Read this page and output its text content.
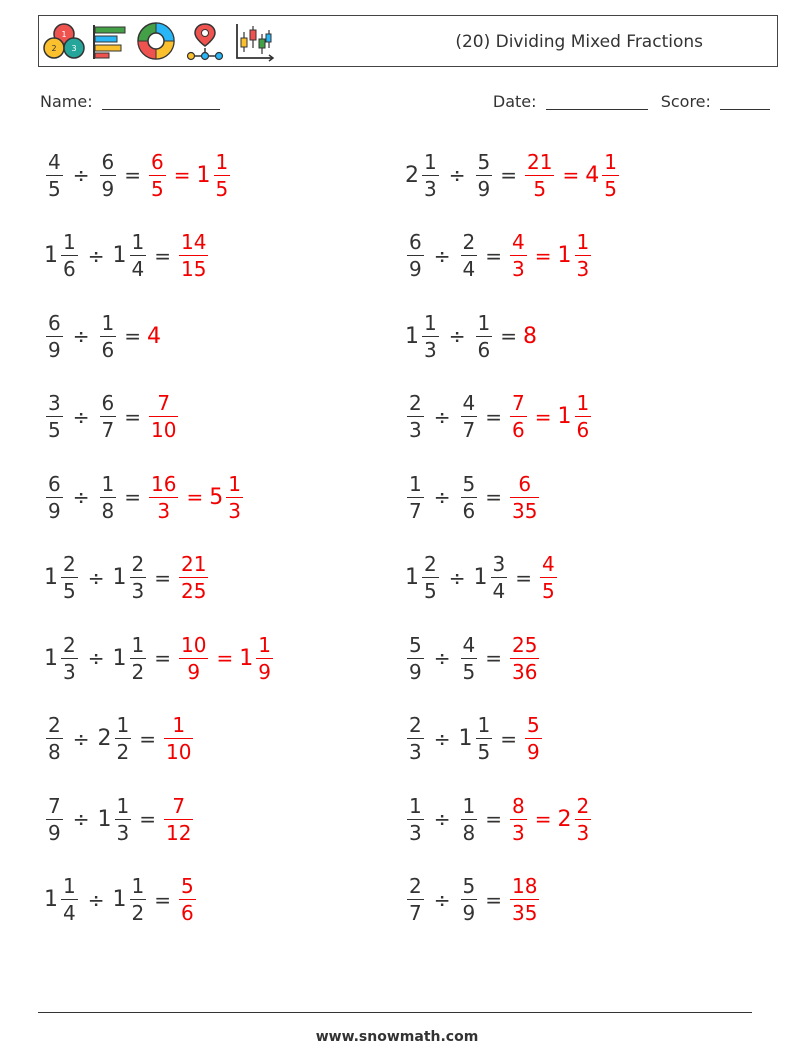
1
2 3	(20) Dividing Mixed Fractions
Name:	Date:	Score:
$\frac{4}{5} \div \frac{6}{9} = \frac{6}{5} = 1 \frac{1}{5}$	$2 \frac{1}{3} \div \frac{5}{9} = \frac{21}{5} = 4 \frac{1}{5}$
$1 \frac{1}{6} \div 1 \frac{1}{4} = \frac{14}{15}$	$\frac{6}{9} \div \frac{2}{4} = \frac{4}{3} = 1 \frac{1}{3}$
$\frac{6}{9} \div \frac{1}{6} = 4$	$1 \frac{1}{3} \div \frac{1}{6} = 8$
$\frac{3}{5} \div \frac{6}{7} = \frac{7}{10}$	$\frac{2}{3} \div \frac{4}{7} = \frac{7}{6} = 1 \frac{1}{6}$
$\frac{6}{9} \div \frac{1}{8} = \frac{16}{3} = 5 \frac{1}{3}$	$\frac{1}{7} \div \frac{5}{6} = \frac{6}{35}$
$1 \frac{2}{5} \div 1 \frac{2}{3} = \frac{21}{25}$	$1 \frac{2}{5} \div 1 \frac{3}{4} = \frac{4}{5}$
$1 \frac{2}{3} \div 1 \frac{1}{2} = \frac{10}{9} = 1 \frac{1}{9}$	$\frac{5}{9} \div \frac{4}{5} = \frac{25}{36}$
$\frac{2}{8} \div 2 \frac{1}{2} = \frac{1}{10}$	$\frac{2}{3} \div 1 \frac{1}{5} = \frac{5}{9}$
$\frac{7}{9} \div 1 \frac{1}{3} = \frac{7}{12}$	$\frac{1}{3} \div \frac{1}{8} = \frac{8}{3} = 2 \frac{2}{3}$
$1 \frac{1}{4} \div 1 \frac{1}{2} = \frac{5}{6}$	$\frac{2}{7} \div \frac{5}{9} = \frac{18}{35}$
www.snowmath.com
